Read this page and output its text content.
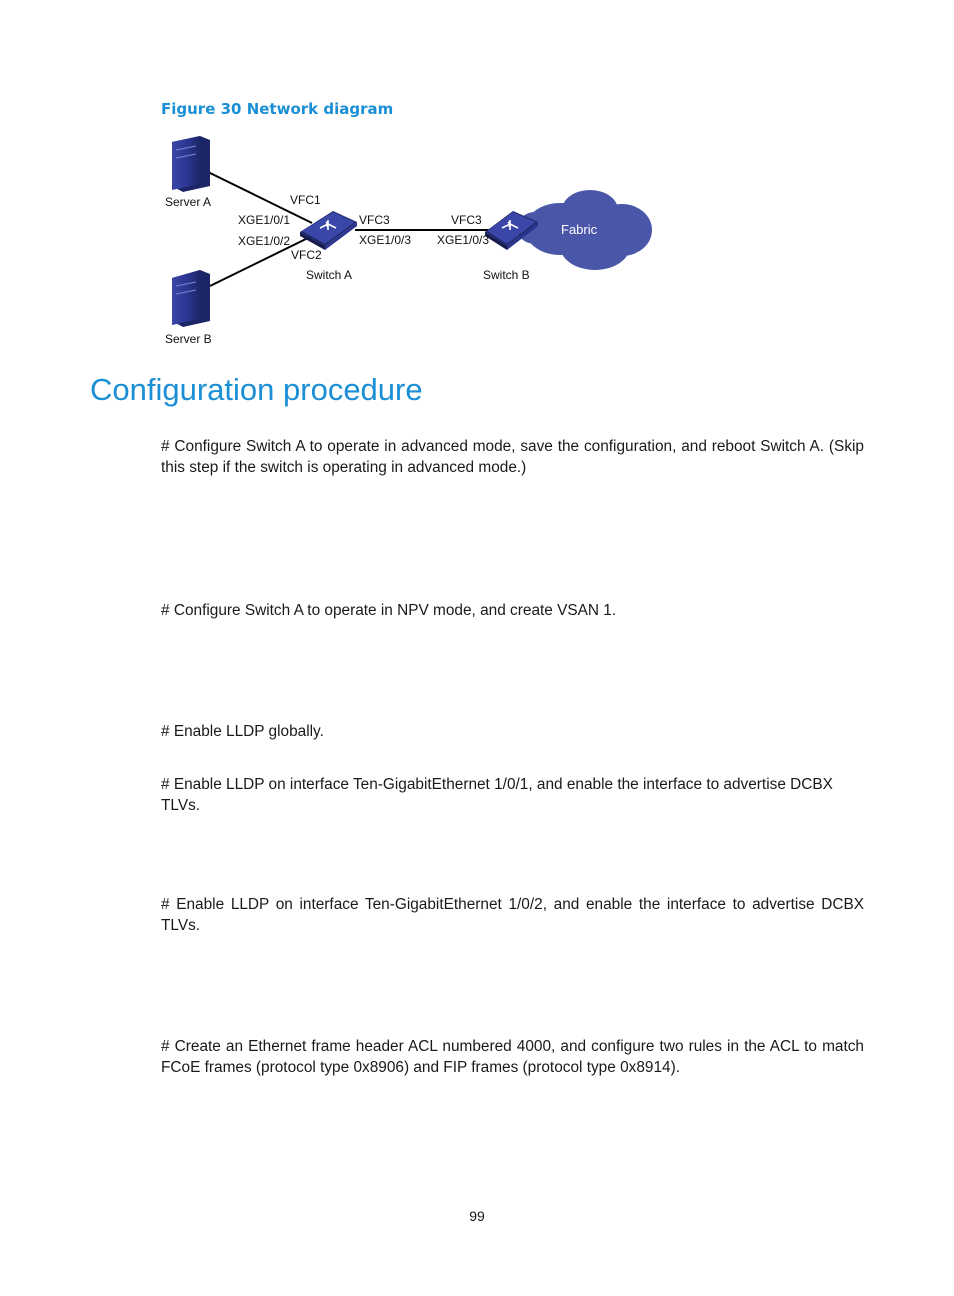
Figure 30 Network diagram

Fabric
Server A
Server B
Switch A	Switch B
VFC1
XGE1/0/1
XGE1/0/2
VFC2
VFC3
XGE1/0/3
VFC3
XGE1/0/3
Configuration procedure

# Configure Switch A to operate in advanced mode, save the configuration, and reboot Switch A. (Skip this step if the switch is operating in advanced mode.)

# Configure Switch A to operate in NPV mode, and create VSAN 1.

# Enable LLDP globally.

# Enable LLDP on interface Ten-GigabitEthernet 1/0/1, and enable the interface to advertise DCBX TLVs.

# Enable LLDP on interface Ten-GigabitEthernet 1/0/2, and enable the interface to advertise DCBX TLVs.

# Create an Ethernet frame header ACL numbered 4000, and configure two rules in the ACL to match FCoE frames (protocol type 0x8906) and FIP frames (protocol type 0x8914).

99
